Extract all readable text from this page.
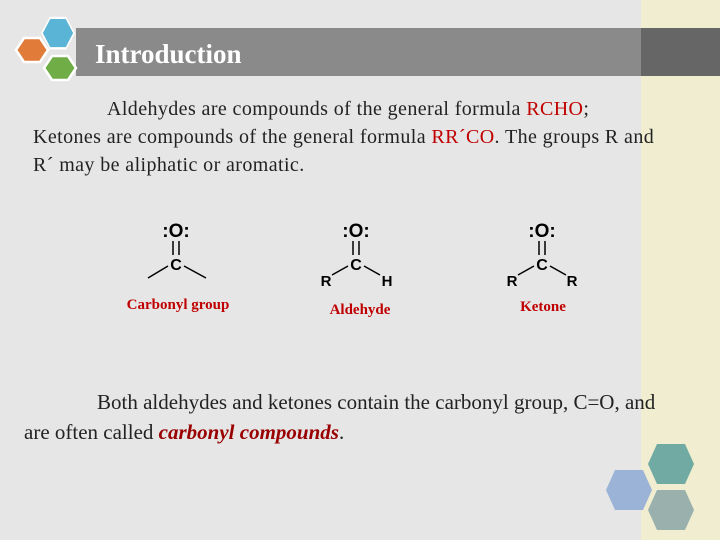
Introduction

Aldehydes are compounds of the general formula RCHO; Ketones are compounds of the general formula RR´CO. The groups R and R´ may be aliphatic or aromatic.

:O:
C
Carbonyl group
:O:
C
R	H
Aldehyde
:O:
C
R	R
Ketone

Both aldehydes and ketones contain the carbonyl group, C=O, and are often called carbonyl compounds.
